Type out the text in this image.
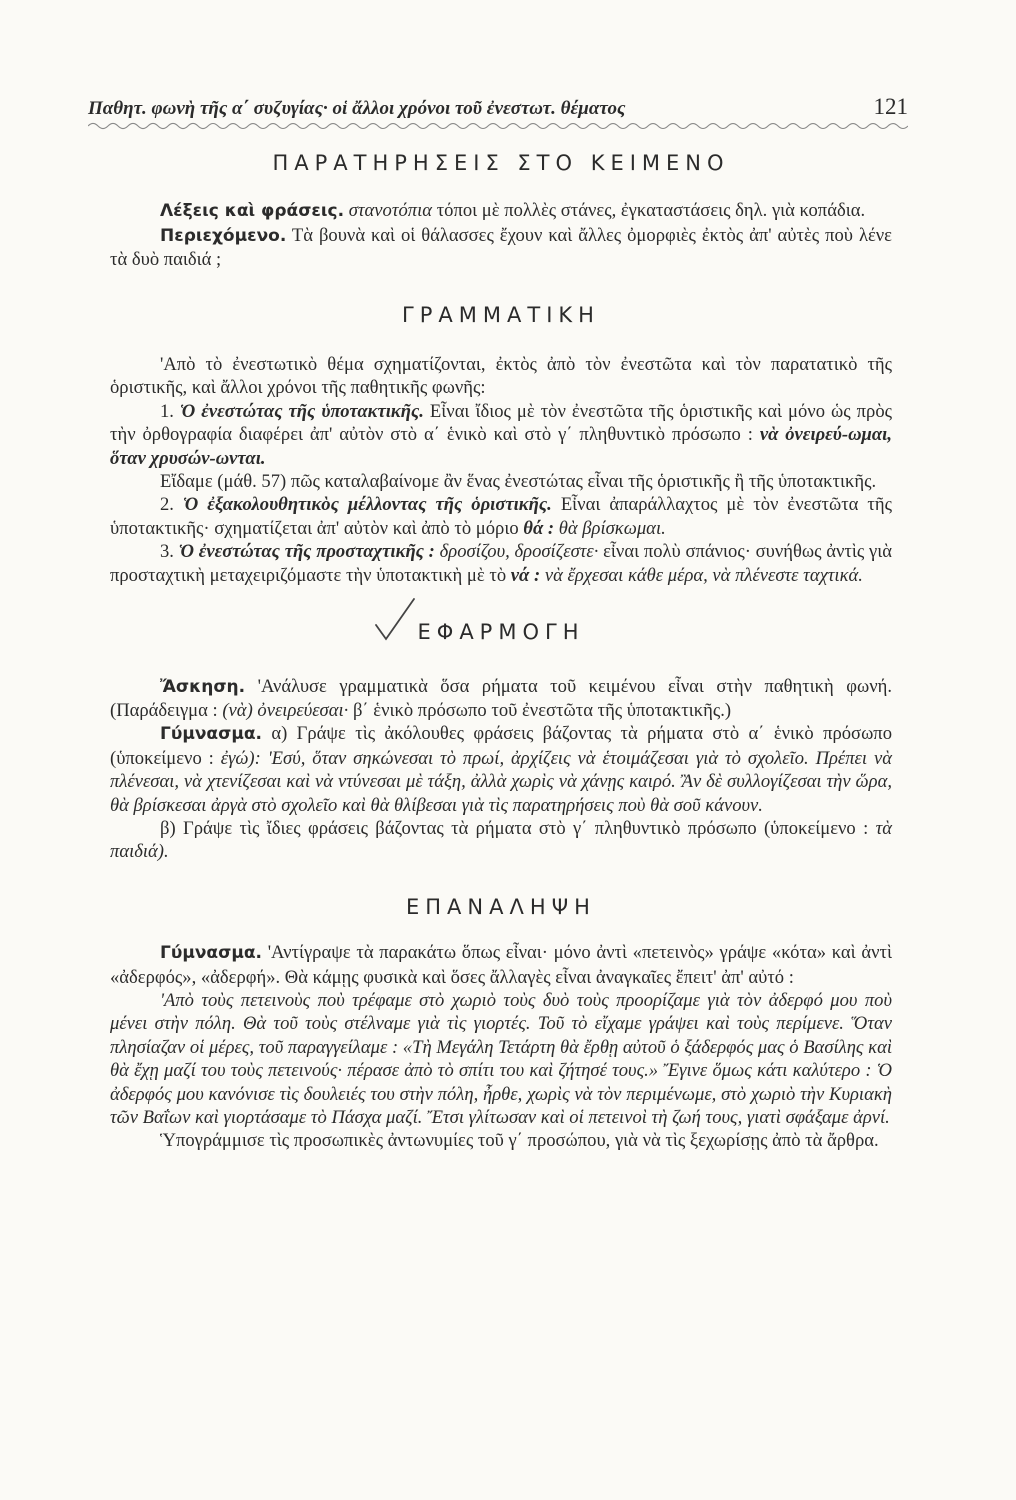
Παθητ. φωνὴ τῆς α΄ συζυγίας· οἱ ἄλλοι χρόνοι τοῦ ἐνεστωτ. θέματος	121
ΠΑΡΑΤΗΡΗΣΕΙΣ ΣΤΟ ΚΕΙΜΕΝΟ

Λέξεις καὶ φράσεις. στανοτόπια τόποι μὲ πολλὲς στάνες, ἐγκαταστάσεις δηλ. γιὰ κοπάδια.

Περιεχόμενο. Τὰ βουνὰ καὶ οἱ θάλασσες ἔχουν καὶ ἄλλες ὀμορφιὲς ἐκτὸς ἀπ' αὐτὲς ποὺ λένε τὰ δυὸ παιδιά ;

ΓΡΑΜΜΑΤΙΚΗ

'Απὸ τὸ ἐνεστωτικὸ θέμα σχηματίζονται, ἐκτὸς ἀπὸ τὸν ἐνεστῶτα καὶ τὸν παρατατικὸ τῆς ὁριστικῆς, καὶ ἄλλοι χρόνοι τῆς παθητικῆς φωνῆς:

1. Ὁ ἐνεστώτας τῆς ὑποτακτικῆς. Εἶναι ἴδιος μὲ τὸν ἐνεστῶτα τῆς ὁριστικῆς καὶ μόνο ὡς πρὸς τὴν ὀρθογραφία διαφέρει ἀπ' αὐτὸν στὸ α΄ ἑνικὸ καὶ στὸ γ΄ πληθυντικὸ πρόσωπο : νὰ ὀνειρεύ-ωμαι, ὅταν χρυσών-ωνται.

Εἴδαμε (μάθ. 57) πῶς καταλαβαίνομε ἂν ἕνας ἐνεστώτας εἶναι τῆς ὁριστικῆς ἢ τῆς ὑποτακτικῆς.

2. Ὁ ἐξακολουθητικὸς μέλλοντας τῆς ὁριστικῆς. Εἶναι ἀπαράλλαχτος μὲ τὸν ἐνεστῶτα τῆς ὑποτακτικῆς· σχηματίζεται ἀπ' αὐτὸν καὶ ἀπὸ τὸ μόριο θά : θὰ βρίσκωμαι.

3. Ὁ ἐνεστώτας τῆς προσταχτικῆς : δροσίζου, δροσίζεστε· εἶναι πολὺ σπάνιος· συνήθως ἀντὶς γιὰ προσταχτικὴ μεταχειριζόμαστε τὴν ὑποτακτικὴ μὲ τὸ νά : νὰ ἔρχεσαι κάθε μέρα, νὰ πλένεστε ταχτικά.

ΕΦΑΡΜΟΓΗ

Ἄσκηση. 'Ανάλυσε γραμματικὰ ὅσα ρήματα τοῦ κειμένου εἶναι στὴν παθητικὴ φωνή. (Παράδειγμα : (νὰ) ὀνειρεύεσαι· β΄ ἑνικὸ πρόσωπο τοῦ ἐνεστῶτα τῆς ὑποτακτικῆς.)

Γύμνασμα. α) Γράψε τὶς ἀκόλουθες φράσεις βάζοντας τὰ ρήματα στὸ α΄ ἑνικὸ πρόσωπο (ὑποκείμενο : ἐγώ): 'Εσύ, ὅταν σηκώνεσαι τὸ πρωί, ἀρχίζεις νὰ ἑτοιμάζεσαι γιὰ τὸ σχολεῖο. Πρέπει νὰ πλένεσαι, νὰ χτενίζεσαι καὶ νὰ ντύνεσαι μὲ τάξη, ἀλλὰ χωρὶς νὰ χάνῃς καιρό. Ἂν δὲ συλλογίζεσαι τὴν ὥρα, θὰ βρίσκεσαι ἀργὰ στὸ σχολεῖο καὶ θὰ θλίβεσαι γιὰ τὶς παρατηρήσεις ποὺ θὰ σοῦ κάνουν.

β) Γράψε τὶς ἴδιες φράσεις βάζοντας τὰ ρήματα στὸ γ΄ πληθυντικὸ πρόσωπο (ὑποκείμενο : τὰ παιδιά).

ΕΠΑΝΑΛΗΨΗ

Γύμνασμα. 'Αντίγραψε τὰ παρακάτω ὅπως εἶναι· μόνο ἀντὶ «πετεινὸς» γράψε «κότα» καὶ ἀντὶ «ἀδερφός», «ἀδερφή». Θὰ κάμῃς φυσικὰ καὶ ὅσες ἄλλαγὲς εἶναι ἀναγκαῖες ἔπειτ' ἀπ' αὐτό :

'Απὸ τοὺς πετεινοὺς ποὺ τρέφαμε στὸ χωριὸ τοὺς δυὸ τοὺς προορίζαμε γιὰ τὸν ἀδερφό μου ποὺ μένει στὴν πόλη. Θὰ τοῦ τοὺς στέλναμε γιὰ τὶς γιορτές. Τοῦ τὸ εἴχαμε γράψει καὶ τοὺς περίμενε. Ὅταν πλησίαζαν οἱ μέρες, τοῦ παραγγείλαμε : «Τὴ Μεγάλη Τετάρτη θὰ ἔρθῃ αὐτοῦ ὁ ξάδερφός μας ὁ Βασίλης καὶ θὰ ἔχῃ μαζί του τοὺς πετεινούς· πέρασε ἀπὸ τὸ σπίτι του καὶ ζήτησέ τους.» Ἔγινε ὅμως κάτι καλύτερο : Ὁ ἀδερφός μου κανόνισε τὶς δουλειές του στὴν πόλη, ἦρθε, χωρὶς νὰ τὸν περιμένωμε, στὸ χωριὸ τὴν Κυριακὴ τῶν Βαΐων καὶ γιορτάσαμε τὸ Πάσχα μαζί. Ἔτσι γλίτωσαν καὶ οἱ πετεινοὶ τὴ ζωή τους, γιατὶ σφάξαμε ἀρνί.

Ὑπογράμμισε τὶς προσωπικὲς ἀντωνυμίες τοῦ γ΄ προσώπου, γιὰ νὰ τὶς ξεχωρίσῃς ἀπὸ τὰ ἄρθρα.
